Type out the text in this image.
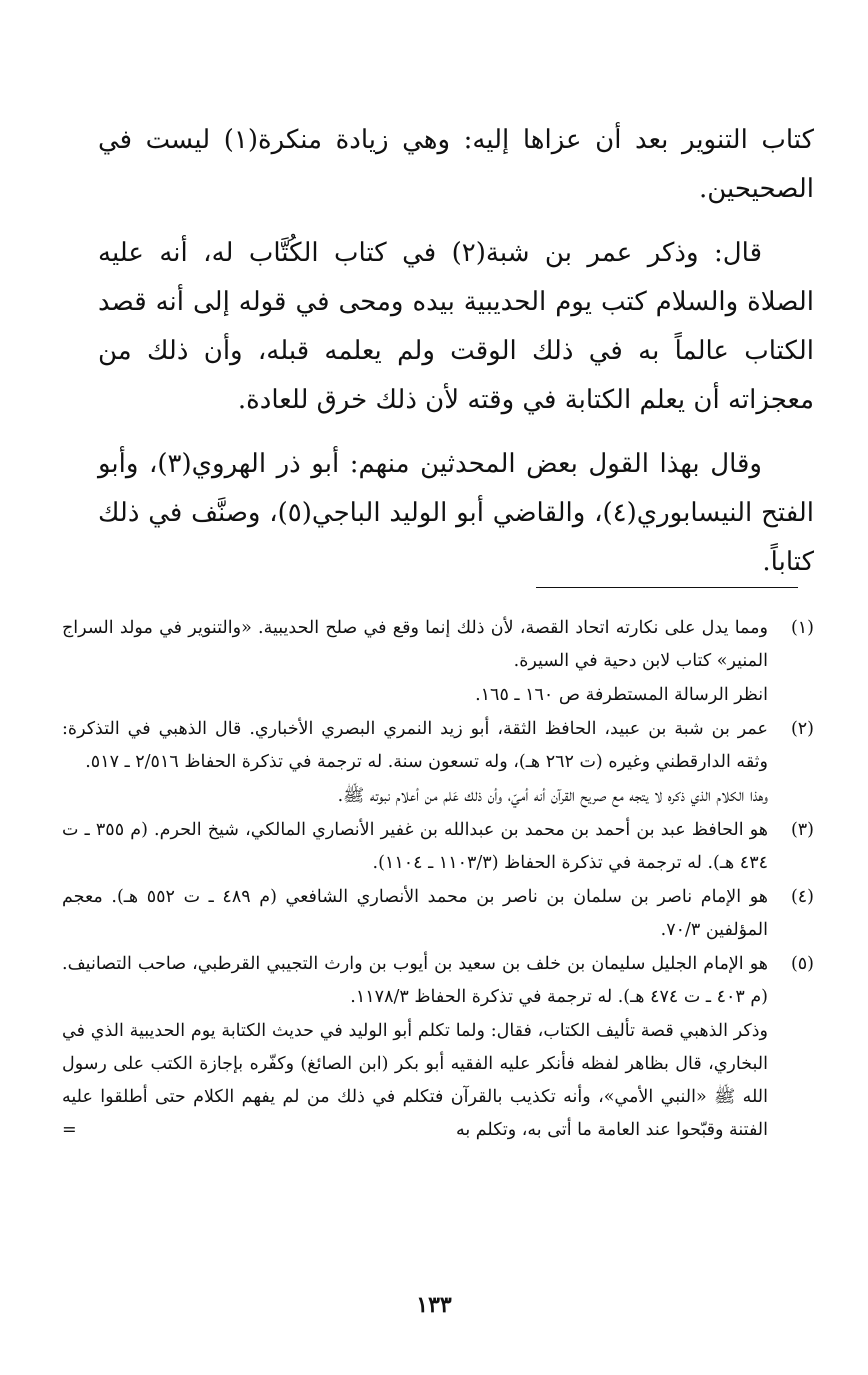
كتاب التنوير بعد أن عزاها إليه: وهي زيادة منكرة(١) ليست في الصحيحين.

قال: وذكر عمر بن شبة(٢) في كتاب الكُتَّاب له، أنه عليه الصلاة والسلام كتب يوم الحديبية بيده ومحى في قوله إلى أنه قصد الكتاب عالماً به في ذلك الوقت ولم يعلمه قبله، وأن ذلك من معجزاته أن يعلم الكتابة في وقته لأن ذلك خرق للعادة.

وقال بهذا القول بعض المحدثين منهم: أبو ذر الهروي(٣)، وأبو الفتح النيسابوري(٤)، والقاضي أبو الوليد الباجي(٥)، وصنَّف في ذلك كتاباً.

(١)
ومما يدل على نكارته اتحاد القصة، لأن ذلك إنما وقع في صلح الحديبية. «والتنوير في مولد السراج المنير» كتاب لابن دحية في السيرة.
انظر الرسالة المستطرفة ص ١٦٠ ـ ١٦٥.
(٢)
عمر بن شبة بن عبيد، الحافظ الثقة، أبو زيد النمري البصري الأخباري. قال الذهبي في التذكرة: وثقه الدارقطني وغيره (ت ٢٦٢ هـ)، وله تسعون سنة. له ترجمة في تذكرة الحفاظ ٢/٥١٦ ـ ٥١٧.
وهذا الكلام الذي ذكره لا يتجه مع صريح القرآن أنه أميّ، وأن ذلك عَلم من أعلام نبوته ﷺ.
(٣)
هو الحافظ عبد بن أحمد بن محمد بن عبدالله بن غفير الأنصاري المالكي، شيخ الحرم. (م ٣٥٥ ـ ت ٤٣٤ هـ). له ترجمة في تذكرة الحفاظ (١١٠٣/٣ ـ ١١٠٤).
(٤)
هو الإمام ناصر بن سلمان بن ناصر بن محمد الأنصاري الشافعي (م ٤٨٩ ـ ت ٥٥٢ هـ). معجم المؤلفين ٧٠/٣.
(٥)
هو الإمام الجليل سليمان بن خلف بن سعيد بن أيوب بن وارث التجيبي القرطبي، صاحب التصانيف. (م ٤٠٣ ـ ت ٤٧٤ هـ). له ترجمة في تذكرة الحفاظ ١١٧٨/٣.
وذكر الذهبي قصة تأليف الكتاب، فقال: ولما تكلم أبو الوليد في حديث الكتابة يوم الحديبية الذي في البخاري، قال بظاهر لفظه فأنكر عليه الفقيه أبو بكر (ابن الصائغ) وكفّره بإجازة الكتب على رسول الله ﷺ «النبي الأمي»، وأنه تكذيب بالقرآن فتكلم في ذلك من لم يفهم الكلام حتى أطلقوا عليه الفتنة وقبّحوا عند العامة ما أتى به، وتكلم به
=
١٣٣
